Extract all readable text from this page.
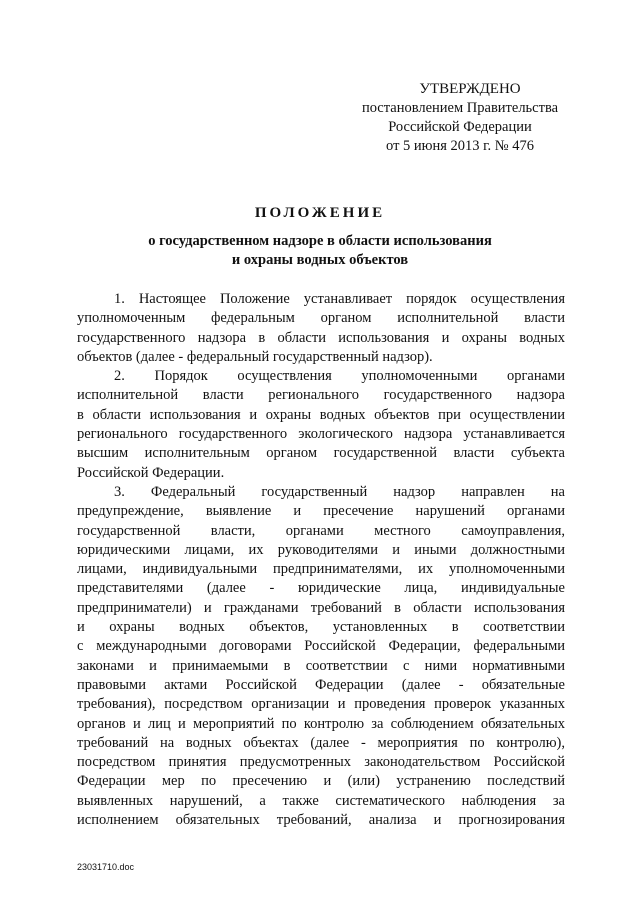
УТВЕРЖДЕНО
постановлением Правительства
Российской Федерации
от 5 июня 2013 г. № 476
ПОЛОЖЕНИЕ
о государственном надзоре в области использования
и охраны водных объектов
1. Настоящее Положение устанавливает порядок осуществления
уполномоченным федеральным органом исполнительной власти
государственного надзора в области использования и охраны водных
объектов (далее - федеральный государственный надзор).
2. Порядок осуществления уполномоченными органами
исполнительной власти регионального государственного надзора
в области использования и охраны водных объектов при осуществлении
регионального государственного экологического надзора устанавливается
высшим исполнительным органом государственной власти субъекта
Российской Федерации.
3. Федеральный государственный надзор направлен на
предупреждение, выявление и пресечение нарушений органами
государственной власти, органами местного самоуправления,
юридическими лицами, их руководителями и иными должностными
лицами, индивидуальными предпринимателями, их уполномоченными
представителями (далее - юридические лица, индивидуальные
предприниматели) и гражданами требований в области использования
и охраны водных объектов, установленных в соответствии
с международными договорами Российской Федерации, федеральными
законами и принимаемыми в соответствии с ними нормативными
правовыми актами Российской Федерации (далее - обязательные
требования), посредством организации и проведения проверок указанных
органов и лиц и мероприятий по контролю за соблюдением обязательных
требований на водных объектах (далее - мероприятия по контролю),
посредством принятия предусмотренных законодательством Российской
Федерации мер по пресечению и (или) устранению последствий
выявленных нарушений, а также систематического наблюдения за
исполнением обязательных требований, анализа и прогнозирования
23031710.doc
